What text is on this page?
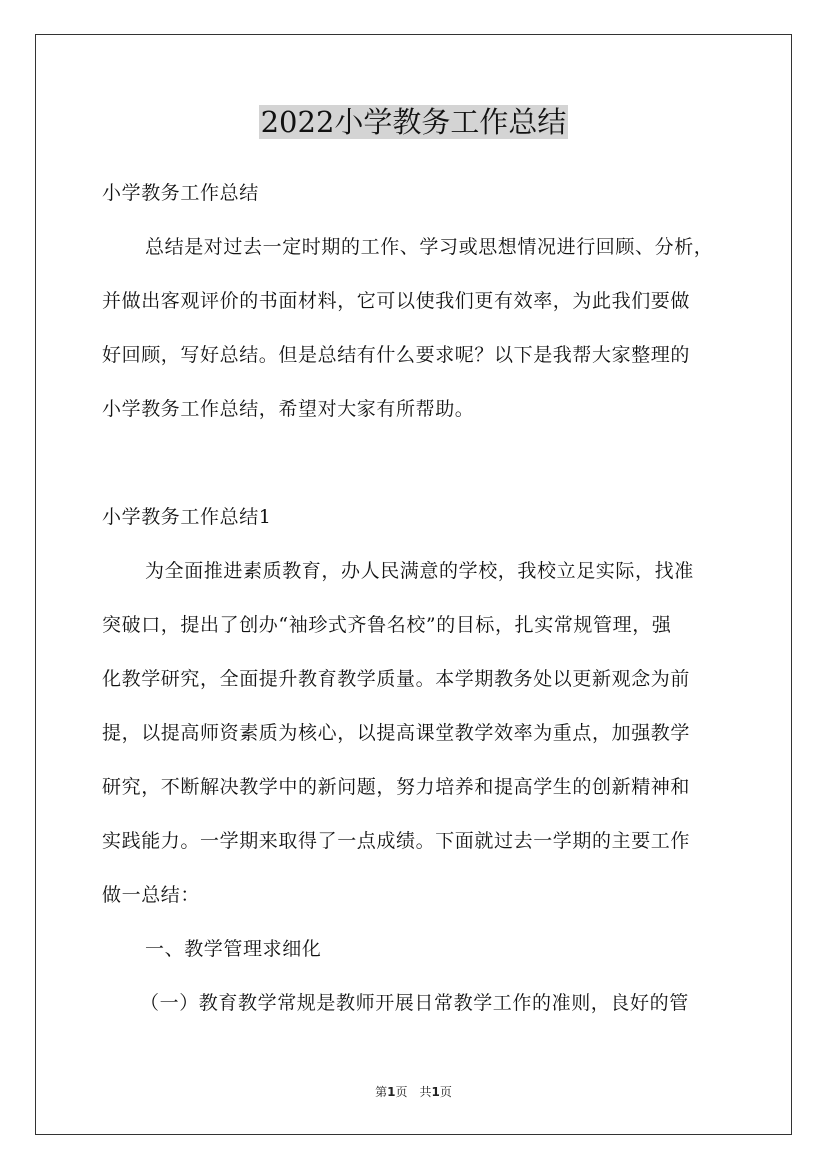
2022小学教务工作总结
小学教务工作总结
总结是对过去一定时期的工作、学习或思想情况进行回顾、分析，
并做出客观评价的书面材料，它可以使我们更有效率，为此我们要做
好回顾，写好总结。但是总结有什么要求呢？以下是我帮大家整理的
小学教务工作总结，希望对大家有所帮助。
小学教务工作总结1
为全面推进素质教育，办人民满意的学校，我校立足实际，找准
突破口，提出了创办“袖珍式齐鲁名校”的目标，扎实常规管理，强
化教学研究，全面提升教育教学质量。本学期教务处以更新观念为前
提，以提高师资素质为核心，以提高课堂教学效率为重点，加强教学
研究，不断解决教学中的新问题，努力培养和提高学生的创新精神和
实践能力。一学期来取得了一点成绩。下面就过去一学期的主要工作
做一总结：
一、教学管理求细化
（一）教育教学常规是教师开展日常教学工作的准则，良好的管
第1页　共1页
